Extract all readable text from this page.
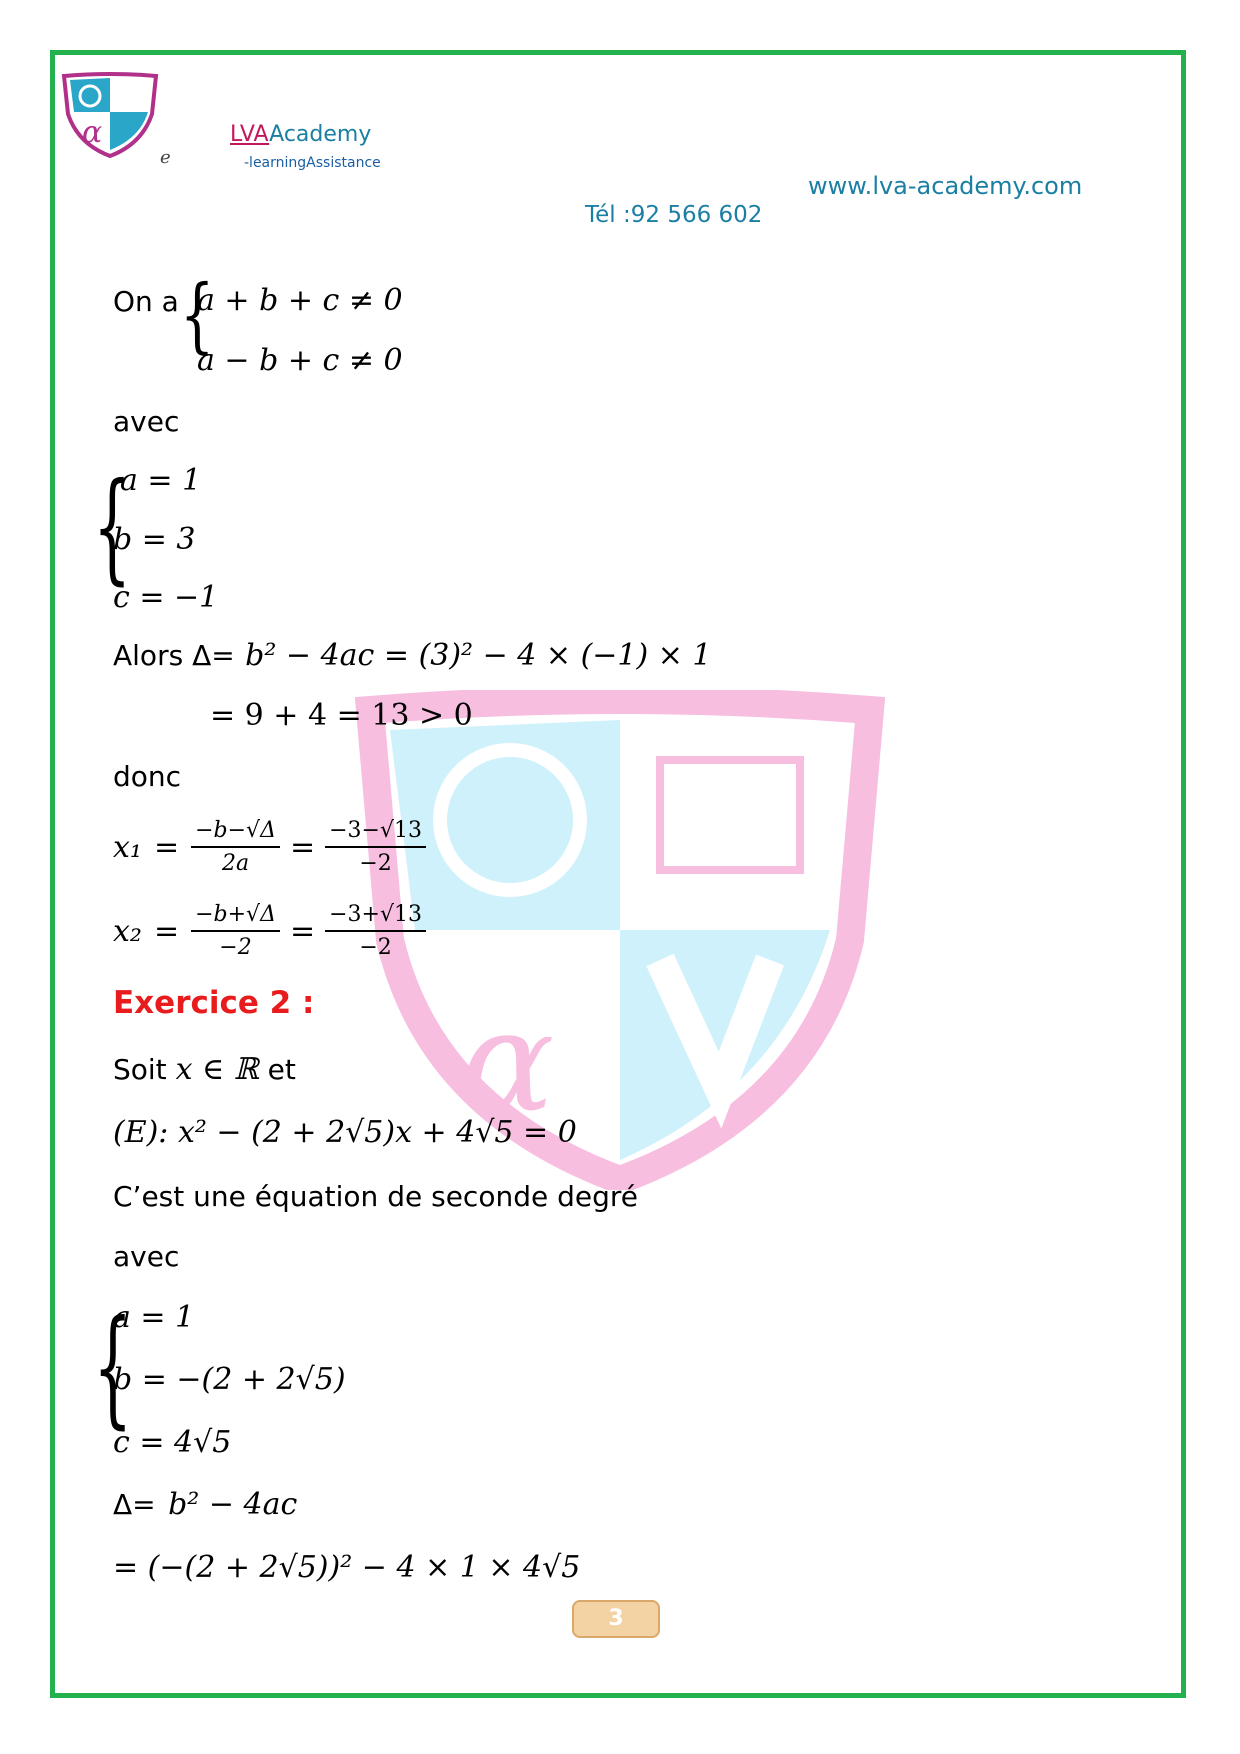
α
α
e
LVAAcademy
-learningAssistance
www.lva-academy.com
Tél :92 566 602
On a {
a + b + c ≠ 0
a − b + c ≠ 0
avec
{
a = 1
b = 3
c = −1
Alors Δ= b² − 4ac = (3)² − 4 × (−1) × 1
= 9 + 4 = 13 > 0
donc
$x_1 = \frac{-b-√\Delta}{2a} = \frac{-3-√13}{-2}$
$x_2 = \frac{-b+√\Delta}{-2} = \frac{-3+√13}{-2}$
Exercice 2 :
Soit x ∈ ℝ et
(E): x² − (2 + 2√5)x + 4√5 = 0
C’est une équation de seconde degré
avec
{
a = 1
b = −(2 + 2√5)
c = 4√5
Δ= b² − 4ac
= (−(2 + 2√5))² − 4 × 1 × 4√5
3
